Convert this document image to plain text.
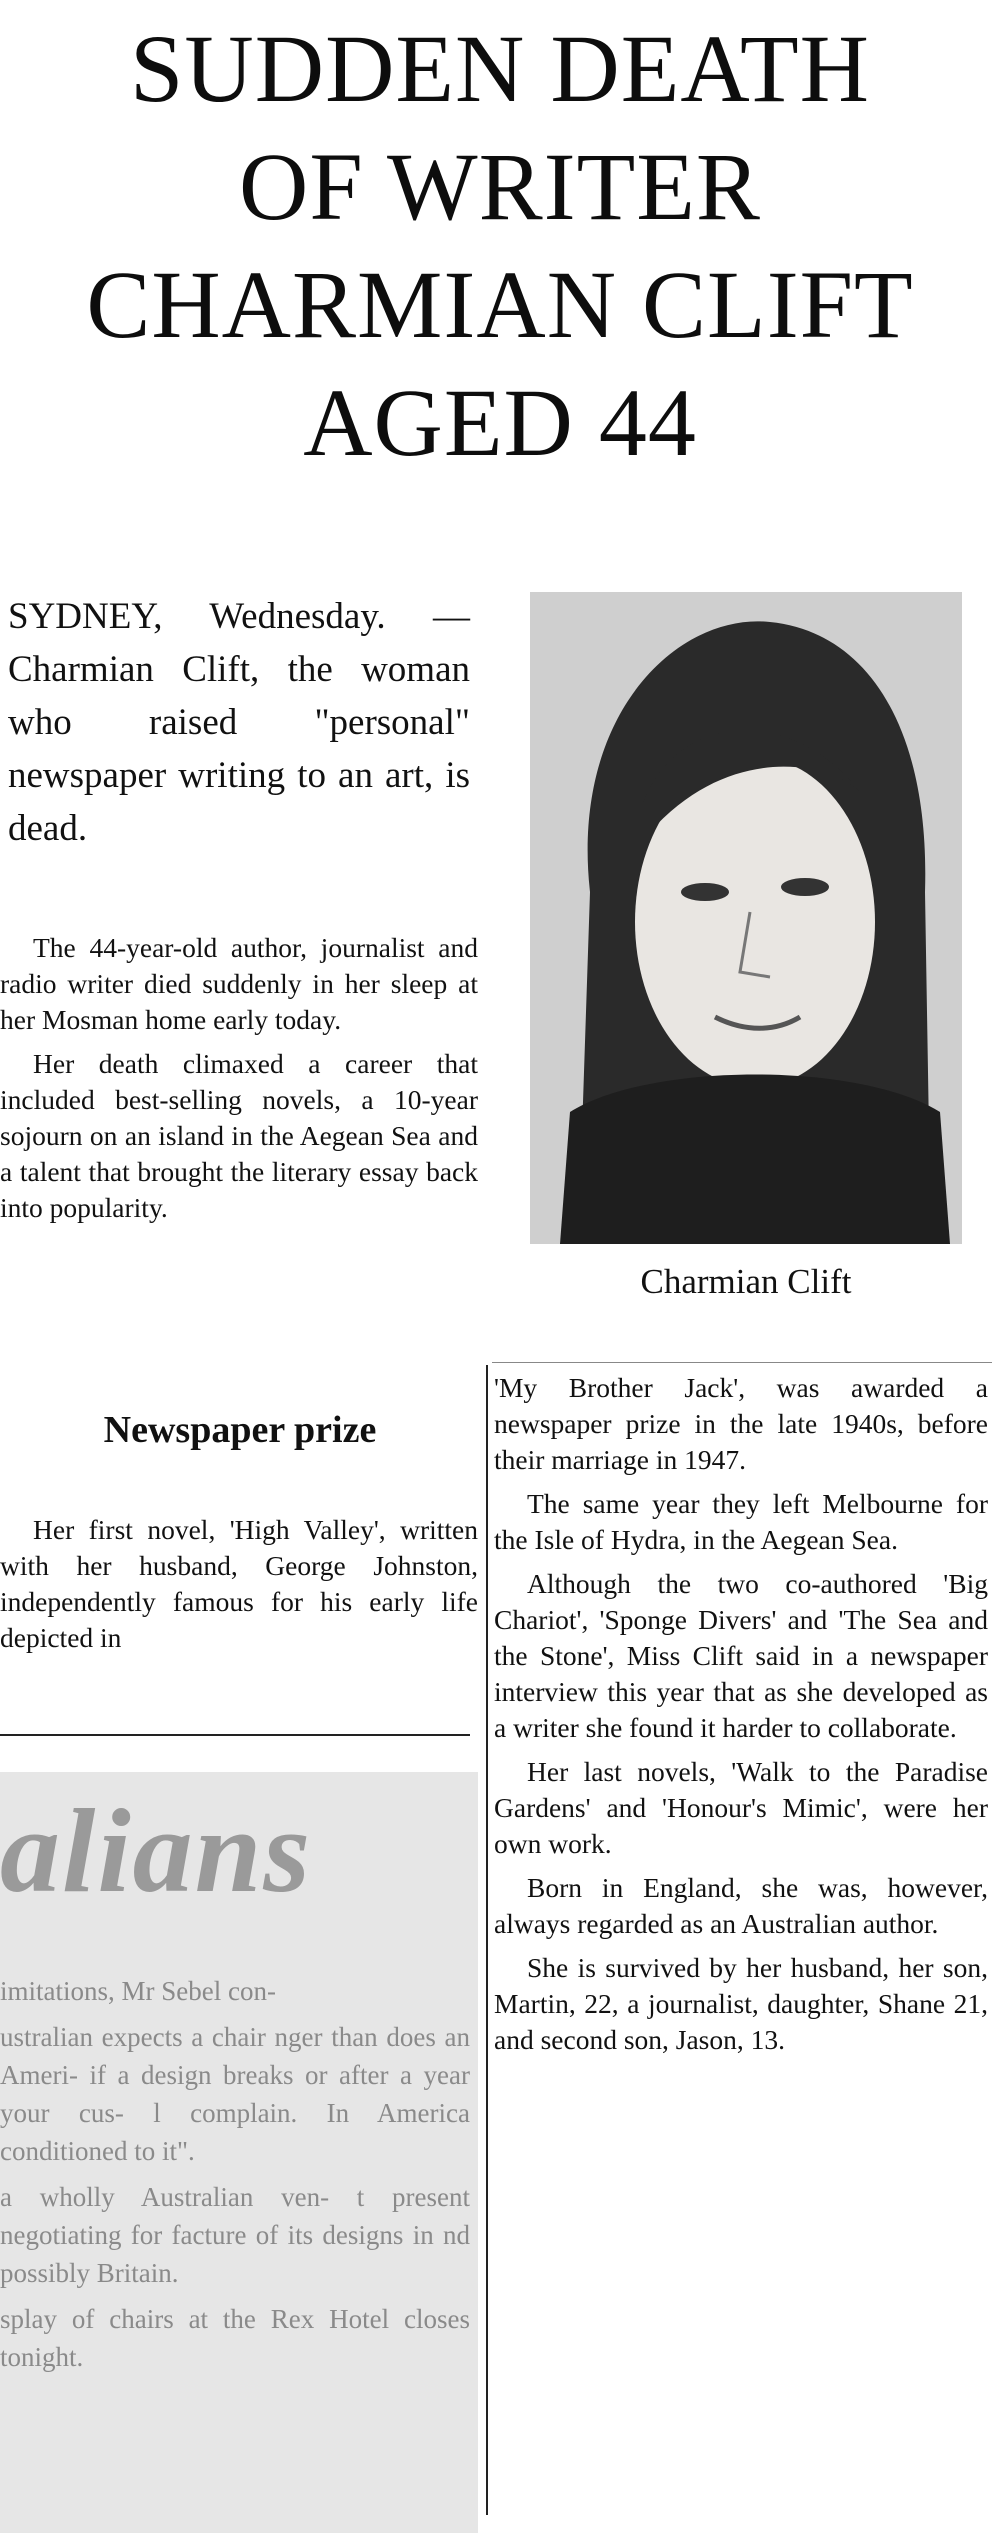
SUDDEN DEATH
OF WRITER
CHARMIAN CLIFT
AGED 44
SYDNEY, Wednesday. — Charmian Clift, the woman who raised "personal" newspaper writing to an art, is dead.

The 44-year-old author, journalist and radio writer died suddenly in her sleep at her Mosman home early today.

Her death climaxed a career that included best-selling novels, a 10-year sojourn on an island in the Aegean Sea and a talent that brought the literary essay back into popularity.

Newspaper prize

Her first novel, 'High Valley', written with her husband, George Johnston, independently famous for his early life depicted in

Charmian Clift

'My Brother Jack', was awarded a newspaper prize in the late 1940s, before their marriage in 1947.

The same year they left Melbourne for the Isle of Hydra, in the Aegean Sea.

Although the two co-authored 'Big Chariot', 'Sponge Divers' and 'The Sea and the Stone', Miss Clift said in a newspaper interview this year that as she developed as a writer she found it harder to collaborate.

Her last novels, 'Walk to the Paradise Gardens' and 'Honour's Mimic', were her own work.

Born in England, she was, however, always regarded as an Australian author.

She is survived by her husband, her son, Martin, 22, a journalist, daughter, Shane 21, and second son, Jason, 13.

alians

imitations, Mr Sebel con-

ustralian expects a chair nger than does an Ameri- if a design breaks or after a year your cus- l complain. In America conditioned to it".

a wholly Australian ven- t present negotiating for facture of its designs in nd possibly Britain.

splay of chairs at the Rex Hotel closes tonight.
